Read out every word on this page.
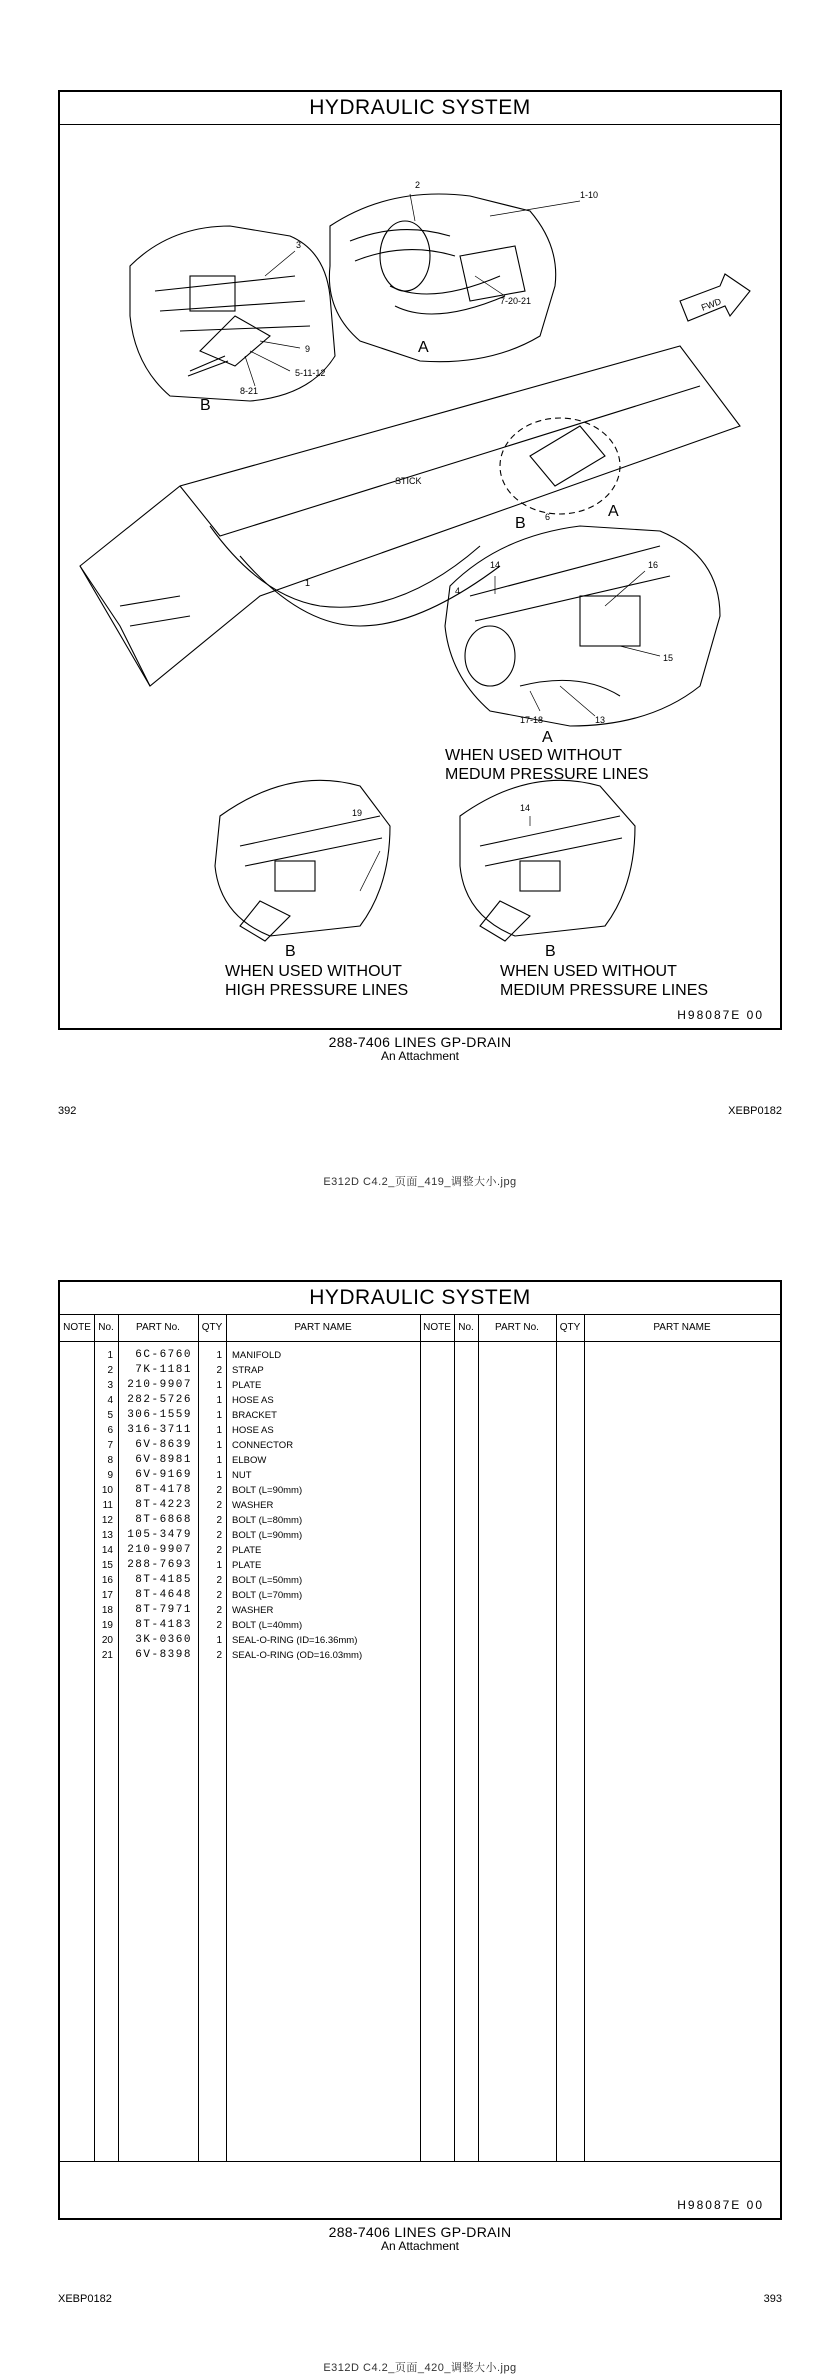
HYDRAULIC SYSTEM
2
1-10
7-20-21
3
9
5-11-12
8-21
A
B
STICK
FWD
A
B 6
1
4
14	16
15
13
17-18
A
WHEN USED WITHOUT
MEDUM PRESSURE LINES
19	14
B
WHEN USED WITHOUT
HIGH PRESSURE LINES
B
WHEN USED WITHOUT
MEDIUM PRESSURE LINES
H98087E 00
288-7406 LINES GP-DRAIN
An Attachment
392	XEBP0182
E312D C4.2_页面_419_调整大小.jpg
HYDRAULIC SYSTEM
NOTE No.	PART No.	QTY	PART NAME	NOTE No.	PART No.	QTY	PART NAME
1	6C-6760	1 MANIFOLD
2	7K-1181	2 STRAP
3	210-9907	1 PLATE
4	282-5726	1 HOSE AS
5	306-1559	1 BRACKET
6	316-3711	1 HOSE AS
7	6V-8639	1 CONNECTOR
8	6V-8981	1 ELBOW
9	6V-9169	1 NUT
10	8T-4178	2 BOLT (L=90mm)
11	8T-4223	2 WASHER
12	8T-6868	2 BOLT (L=80mm)
13	105-3479	2 BOLT (L=90mm)
14	210-9907	2 PLATE
15	288-7693	1 PLATE
16	8T-4185	2 BOLT (L=50mm)
17	8T-4648	2 BOLT (L=70mm)
18	8T-7971	2 WASHER
19	8T-4183	2 BOLT (L=40mm)
20	3K-0360	1 SEAL-O-RING (ID=16.36mm)
21	6V-8398	2 SEAL-O-RING (OD=16.03mm)
H98087E 00
288-7406 LINES GP-DRAIN
An Attachment
XEBP0182	393
E312D C4.2_页面_420_调整大小.jpg
